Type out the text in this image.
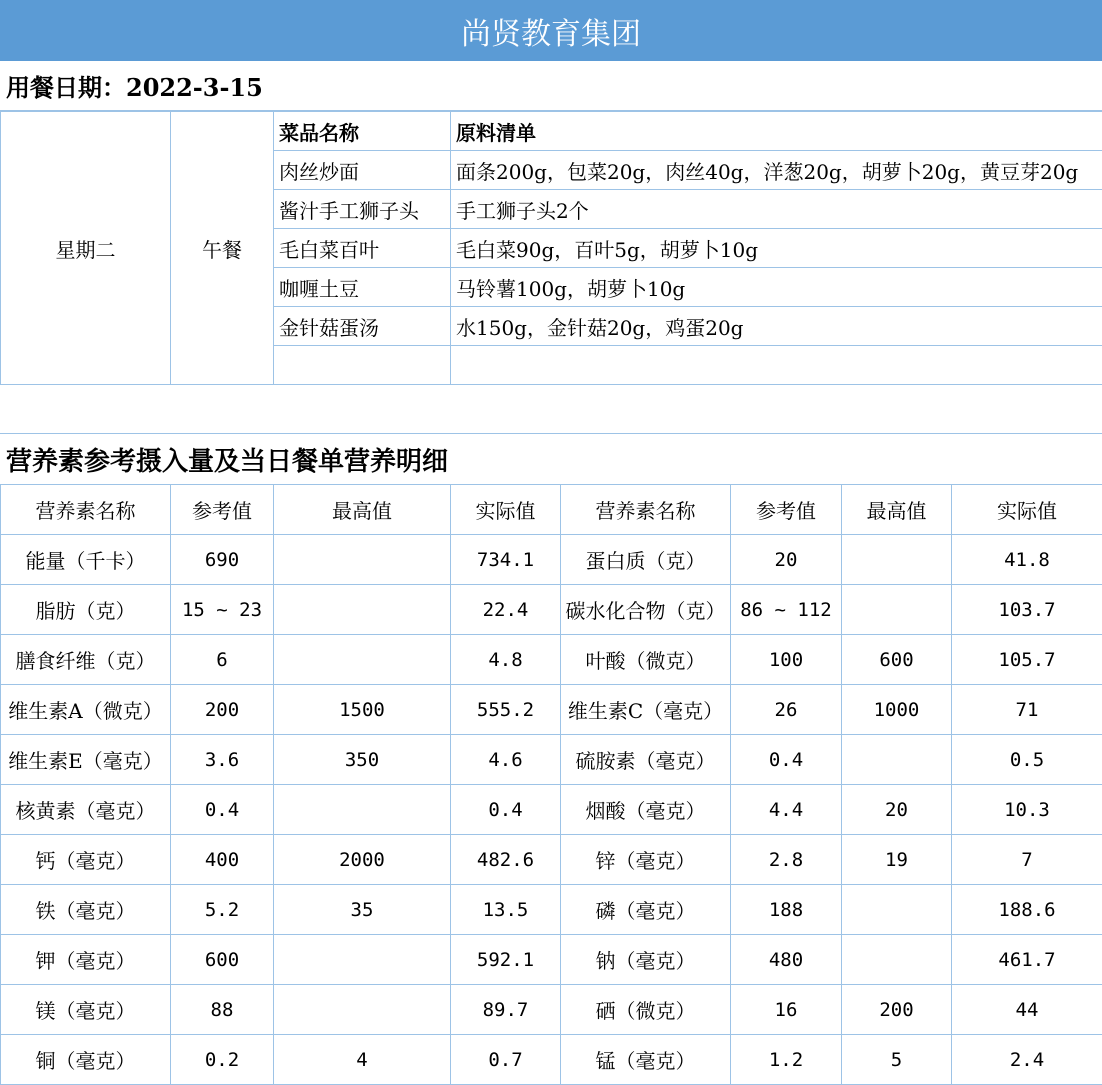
尚贤教育集团
用餐日期：2022-3-15
星期二	午餐	菜品名称	原料清单
		肉丝炒面	面条200g，包菜20g，肉丝40g，洋葱20g，胡萝卜20g，黄豆芽20g
		酱汁手工狮子头	手工狮子头2个
		毛白菜百叶	毛白菜90g，百叶5g，胡萝卜10g
		咖喱土豆	马铃薯100g，胡萝卜10g
		金针菇蛋汤	水150g，金针菇20g，鸡蛋20g

营养素参考摄入量及当日餐单营养明细
营养素名称	参考值	最高值	实际值	营养素名称	参考值	最高值	实际值
能量（千卡）	690		734.1	蛋白质（克）	20		41.8
脂肪（克）	15 ~ 23		22.4	碳水化合物（克）	86 ~ 112		103.7
膳食纤维（克）	6		4.8	叶酸（微克）	100	600	105.7
维生素A（微克）	200	1500	555.2	维生素C（毫克）	26	1000	71
维生素E（毫克）	3.6	350	4.6	硫胺素（毫克）	0.4		0.5
核黄素（毫克）	0.4		0.4	烟酸（毫克）	4.4	20	10.3
钙（毫克）	400	2000	482.6	锌（毫克）	2.8	19	7
铁（毫克）	5.2	35	13.5	磷（毫克）	188		188.6
钾（毫克）	600		592.1	钠（毫克）	480		461.7
镁（毫克）	88		89.7	硒（微克）	16	200	44
铜（毫克）	0.2	4	0.7	锰（毫克）	1.2	5	2.4
